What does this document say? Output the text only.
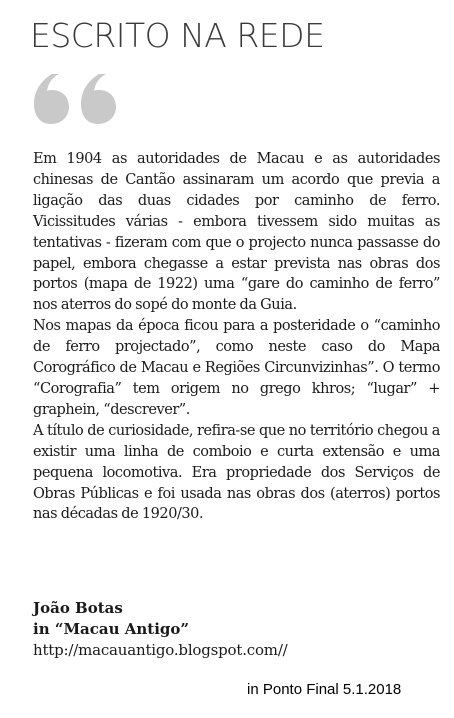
ESCRITO NA REDE

Em 1904 as autoridades de Macau e as autoridades chinesas de Cantão assinaram um acordo que previa a ligação das duas cidades por caminho de ferro. Vicissitudes várias - embora tivessem sido muitas as tentativas - fizeram com que o projecto nunca passasse do papel, embora chegasse a estar prevista nas obras dos portos (mapa de 1922) uma “gare do caminho de ferro” nos aterros do sopé do monte da Guia.

Nos mapas da época ficou para a posteridade o “caminho de ferro projectado”, como neste caso do Mapa Corográfico de Macau e Regiões Circunvizinhas”. O termo “Corografia” tem origem no grego khros; “lugar” + graphein, “descrever”.

A título de curiosidade, refira-se que no território chegou a existir uma linha de comboio e curta extensão e uma pequena locomotiva. Era propriedade dos Serviços de Obras Públicas e foi usada nas obras dos (aterros) portos nas décadas de 1920/30.

João Botas
in “Macau Antigo”
http://macauantigo.blogspot.com//
in Ponto Final 5.1.2018
